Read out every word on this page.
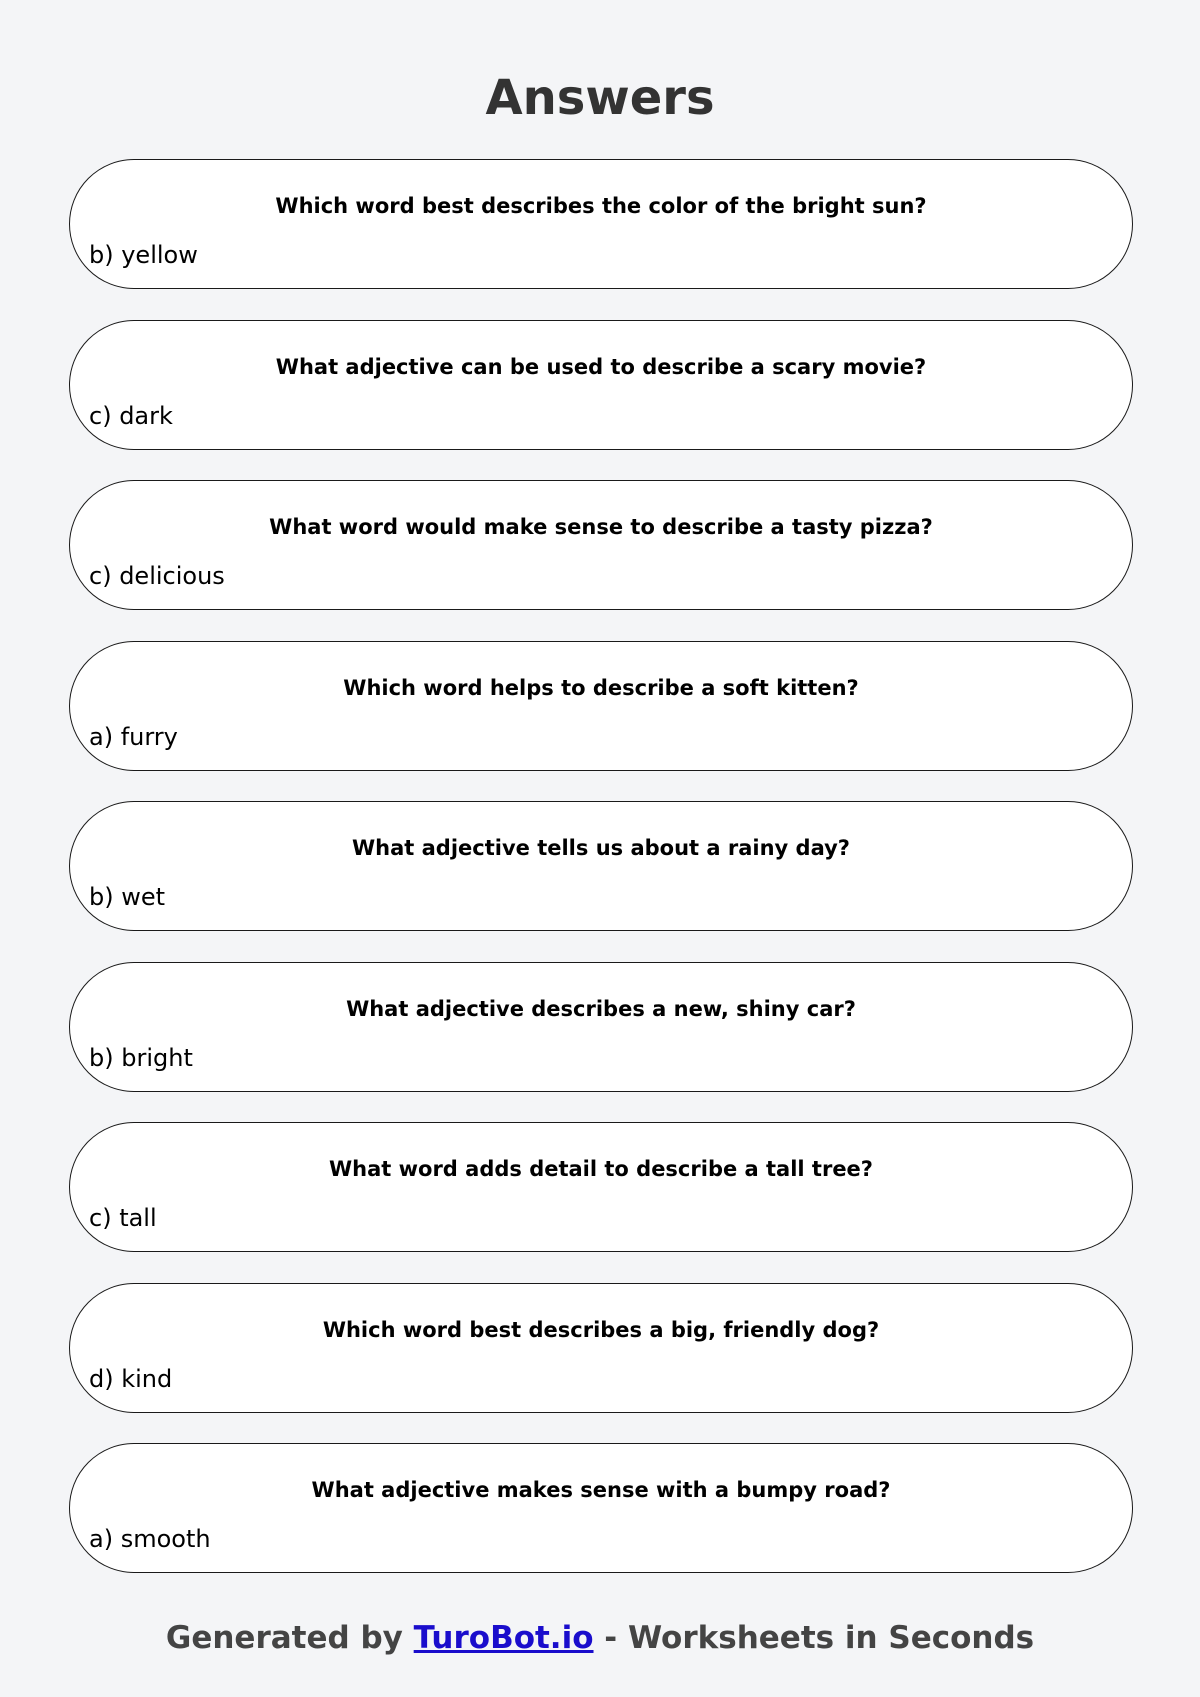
Answers
Which word best describes the color of the bright sun?
b) yellow
What adjective can be used to describe a scary movie?
c) dark
What word would make sense to describe a tasty pizza?
c) delicious
Which word helps to describe a soft kitten?
a) furry
What adjective tells us about a rainy day?
b) wet
What adjective describes a new, shiny car?
b) bright
What word adds detail to describe a tall tree?
c) tall
Which word best describes a big, friendly dog?
d) kind
What adjective makes sense with a bumpy road?
a) smooth
Generated by TuroBot.io - Worksheets in Seconds
